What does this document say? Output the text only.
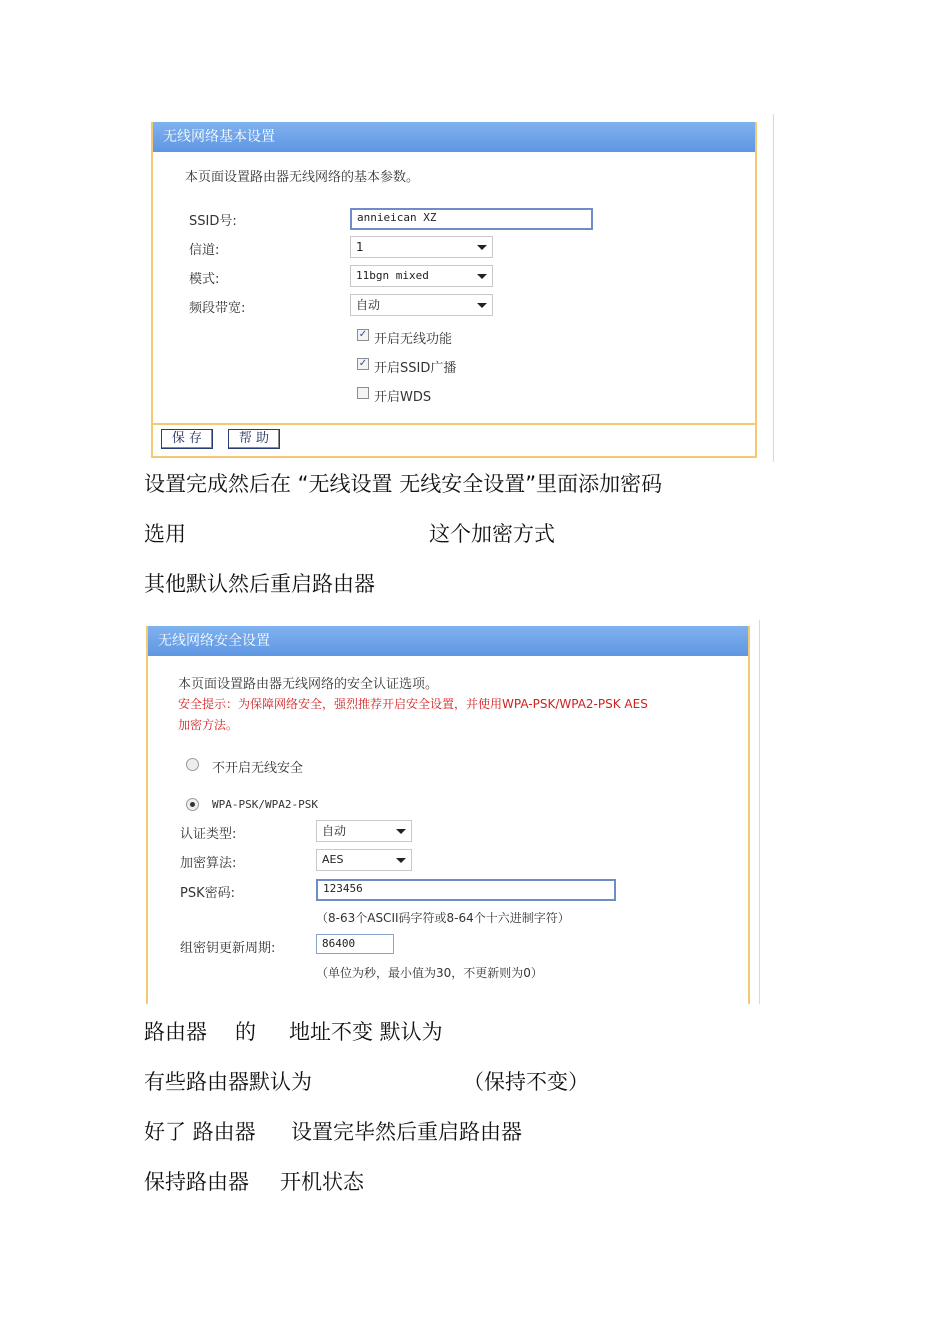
无线网络基本设置
本页面设置路由器无线网络的基本参数。
SSID号:	annieican XZ
信道:	1
模式:	11bgn mixed
频段带宽:	自动
✓ 开启无线功能
✓ 开启SSID广播
开启WDS
保 存	帮 助
设置完成然后在 “无线设置 无线安全设置”里面添加密码
选用	这个加密方式
其他默认然后重启路由器
无线网络安全设置
本页面设置路由器无线网络的安全认证选项。
安全提示：为保障网络安全，强烈推荐开启安全设置，并使用WPA-PSK/WPA2-PSK AES
加密方法。
不开启无线安全
WPA-PSK/WPA2-PSK
认证类型:	自动
加密算法:	AES
PSK密码:	123456
（8-63个ASCII码字符或8-64个十六进制字符）
组密钥更新周期:	86400
（单位为秒，最小值为30，不更新则为0）
路由器 的 地址不变 默认为
有些路由器默认为	（保持不变）
好了 路由器 设置完毕然后重启路由器
保持路由器 开机状态
